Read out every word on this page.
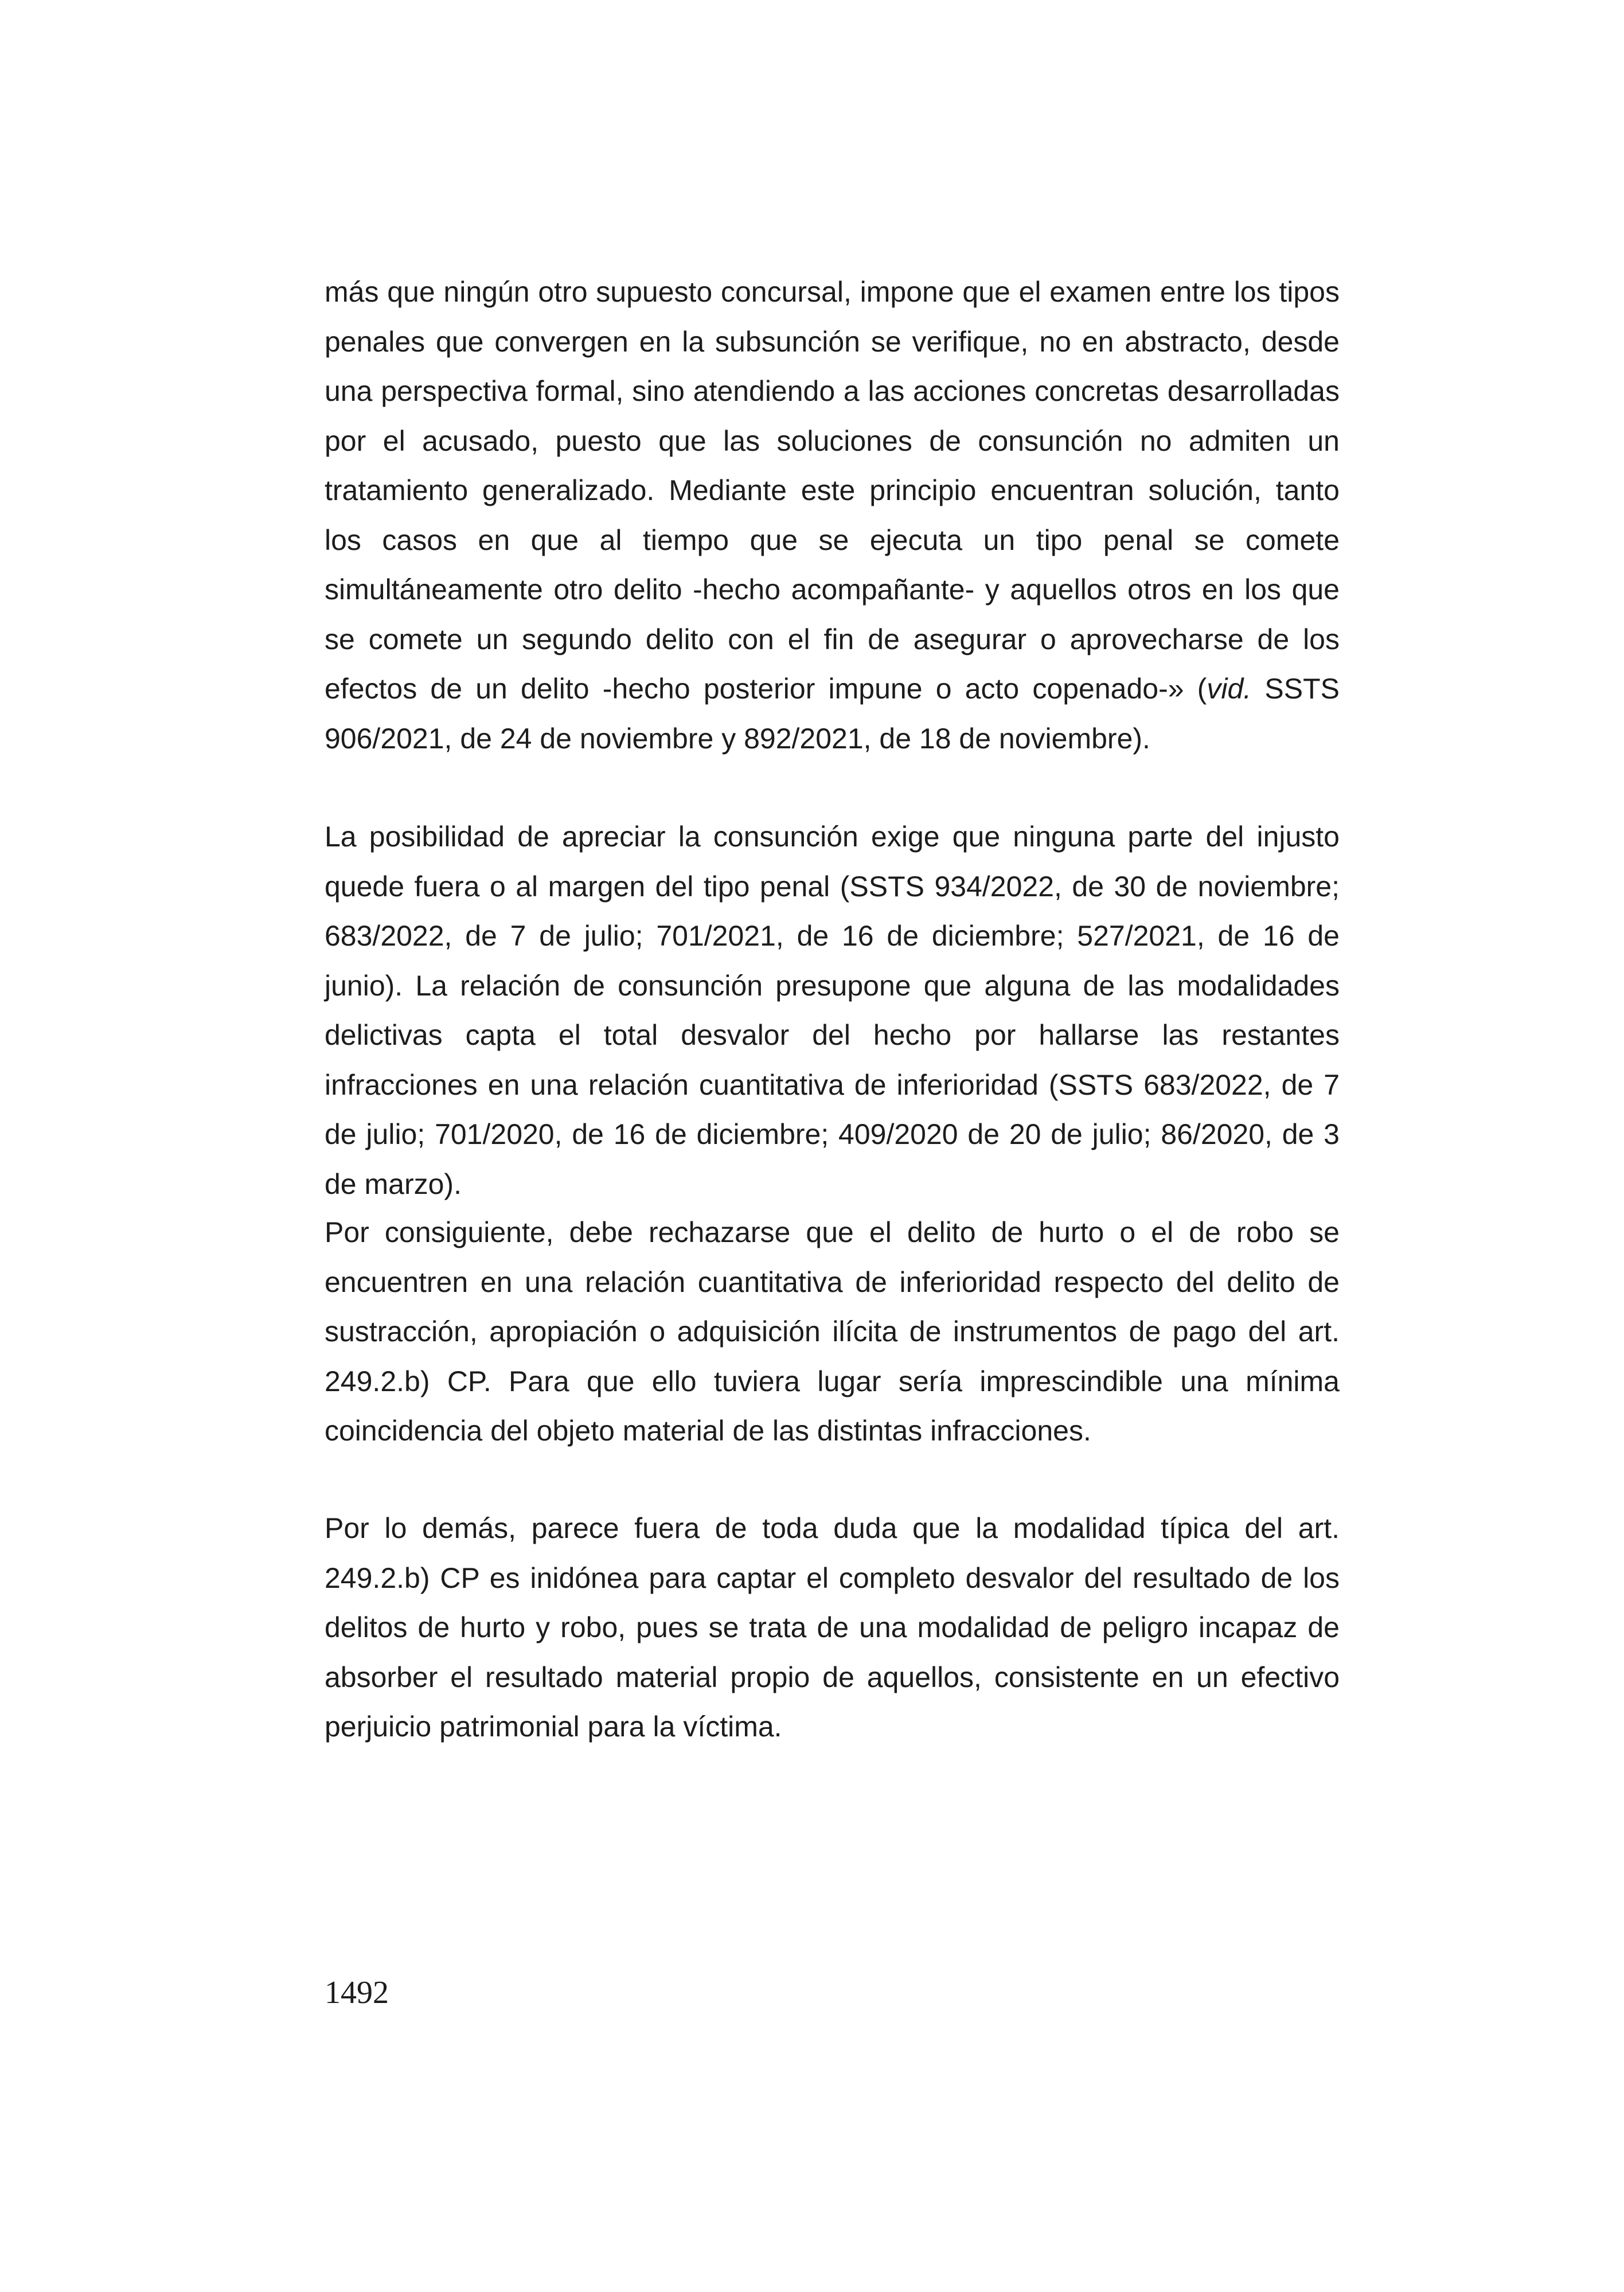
más que ningún otro supuesto concursal, impone que el examen entre los tipos penales que convergen en la subsunción se verifique, no en abstracto, desde una perspectiva formal, sino atendiendo a las acciones concretas desarrolladas por el acusado, puesto que las soluciones de consunción no admiten un tratamiento generalizado. Mediante este principio encuentran solución, tanto los casos en que al tiempo que se ejecuta un tipo penal se comete simultáneamente otro delito -hecho acompañante- y aquellos otros en los que se comete un segundo delito con el fin de asegurar o aprovecharse de los efectos de un delito -hecho posterior impune o acto copenado-» (vid. SSTS 906/2021, de 24 de noviembre y 892/2021, de 18 de noviembre).

La posibilidad de apreciar la consunción exige que ninguna parte del injusto quede fuera o al margen del tipo penal (SSTS 934/2022, de 30 de noviembre; 683/2022, de 7 de julio; 701/2021, de 16 de diciembre; 527/2021, de 16 de junio). La relación de consunción presupone que alguna de las modalidades delictivas capta el total desvalor del hecho por hallarse las restantes infracciones en una relación cuantitativa de inferioridad (SSTS 683/2022, de 7 de julio; 701/2020, de 16 de diciembre; 409/2020 de 20 de julio; 86/2020, de 3 de marzo).

Por consiguiente, debe rechazarse que el delito de hurto o el de robo se encuentren en una relación cuantitativa de inferioridad respecto del delito de sustracción, apropiación o adquisición ilícita de instrumentos de pago del art. 249.2.b) CP. Para que ello tuviera lugar sería imprescindible una mínima coincidencia del objeto material de las distintas infracciones.

Por lo demás, parece fuera de toda duda que la modalidad típica del art. 249.2.b) CP es inidónea para captar el completo desvalor del resultado de los delitos de hurto y robo, pues se trata de una modalidad de peligro incapaz de absorber el resultado material propio de aquellos, consistente en un efectivo perjuicio patrimonial para la víctima.

1492
